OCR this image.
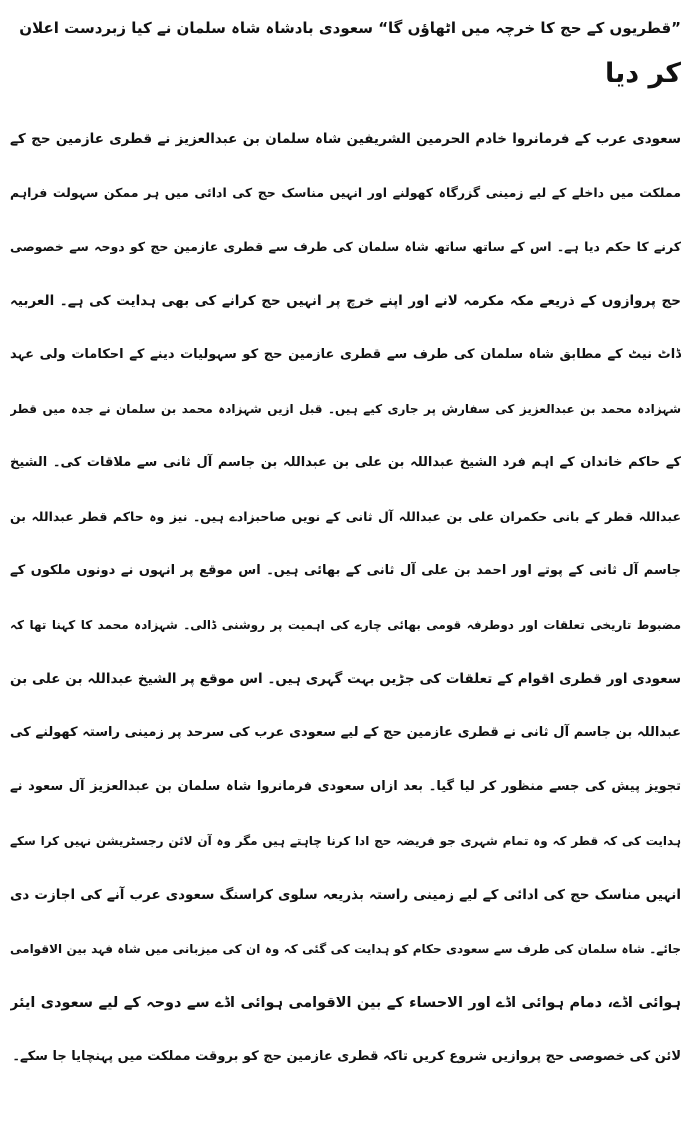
”قطریوں کے حج کا خرچہ میں اٹھاؤں گا“ سعودی بادشاہ شاہ سلمان نے کیا زبردست اعلان
کر دیا
سعودی عرب کے فرمانروا خادم الحرمین الشریفین شاہ سلمان بن عبدالعزیز نے قطری عازمین حج کے
مملکت میں داخلے کے لیے زمینی گزرگاہ کھولنے اور انہیں مناسک حج کی ادائی میں ہر ممکن سہولت فراہم
کرنے کا حکم دیا ہے۔ اس کے ساتھ ساتھ شاہ سلمان کی طرف سے قطری عازمین حج کو دوحہ سے خصوصی
حج پروازوں کے ذریعے مکہ مکرمہ لانے اور اپنے خرچ پر انہیں حج کرانے کی بھی ہدایت کی ہے۔ العربیہ
ڈاٹ نیٹ کے مطابق شاہ سلمان کی طرف سے قطری عازمین حج کو سہولیات دینے کے احکامات ولی عہد
شہزادہ محمد بن عبدالعزیز کی سفارش پر جاری کیے ہیں۔ قبل ازیں شہزادہ محمد بن سلمان نے جدہ میں قطر
کے حاکم خاندان کے اہم فرد الشیخ عبداللہ بن علی بن عبداللہ بن جاسم آل ثانی سے ملاقات کی۔ الشیخ
عبداللہ قطر کے بانی حکمران علی بن عبداللہ آل ثانی کے نویں صاحبزادے ہیں۔ نیز وہ حاکم قطر عبداللہ بن
جاسم آل ثانی کے پوتے اور احمد بن علی آل ثانی کے بھائی ہیں۔ اس موقع پر انہوں نے دونوں ملکوں کے
مضبوط تاریخی تعلقات اور دوطرفہ قومی بھائی چارے کی اہمیت پر روشنی ڈالی۔ شہزادہ محمد کا کہنا تھا کہ
سعودی اور قطری اقوام کے تعلقات کی جڑیں بہت گہری ہیں۔ اس موقع پر الشیخ عبداللہ بن علی بن
عبداللہ بن جاسم آل ثانی نے قطری عازمین حج کے لیے سعودی عرب کی سرحد پر زمینی راستہ کھولنے کی
تجویز پیش کی جسے منظور کر لیا گیا۔ بعد ازاں سعودی فرمانروا شاہ سلمان بن عبدالعزیز آل سعود نے
ہدایت کی کہ قطر کہ وہ تمام شہری جو فریضہ حج ادا کرنا چاہتے ہیں مگر وہ آن لائن رجسٹریشن نہیں کرا سکے
انہیں مناسک حج کی ادائی کے لیے زمینی راستہ بذریعہ سلوی کراسنگ سعودی عرب آنے کی اجازت دی
جائے۔ شاہ سلمان کی طرف سے سعودی حکام کو ہدایت کی گئی کہ وہ ان کی میزبانی میں شاہ فہد بین الاقوامی
ہوائی اڈے، دمام ہوائی اڈے اور الاحساء کے بین الاقوامی ہوائی اڈے سے دوحہ کے لیے سعودی ایئر
لائن کی خصوصی حج پروازیں شروع کریں تاکہ قطری عازمین حج کو بروقت مملکت میں پہنچایا جا سکے۔
